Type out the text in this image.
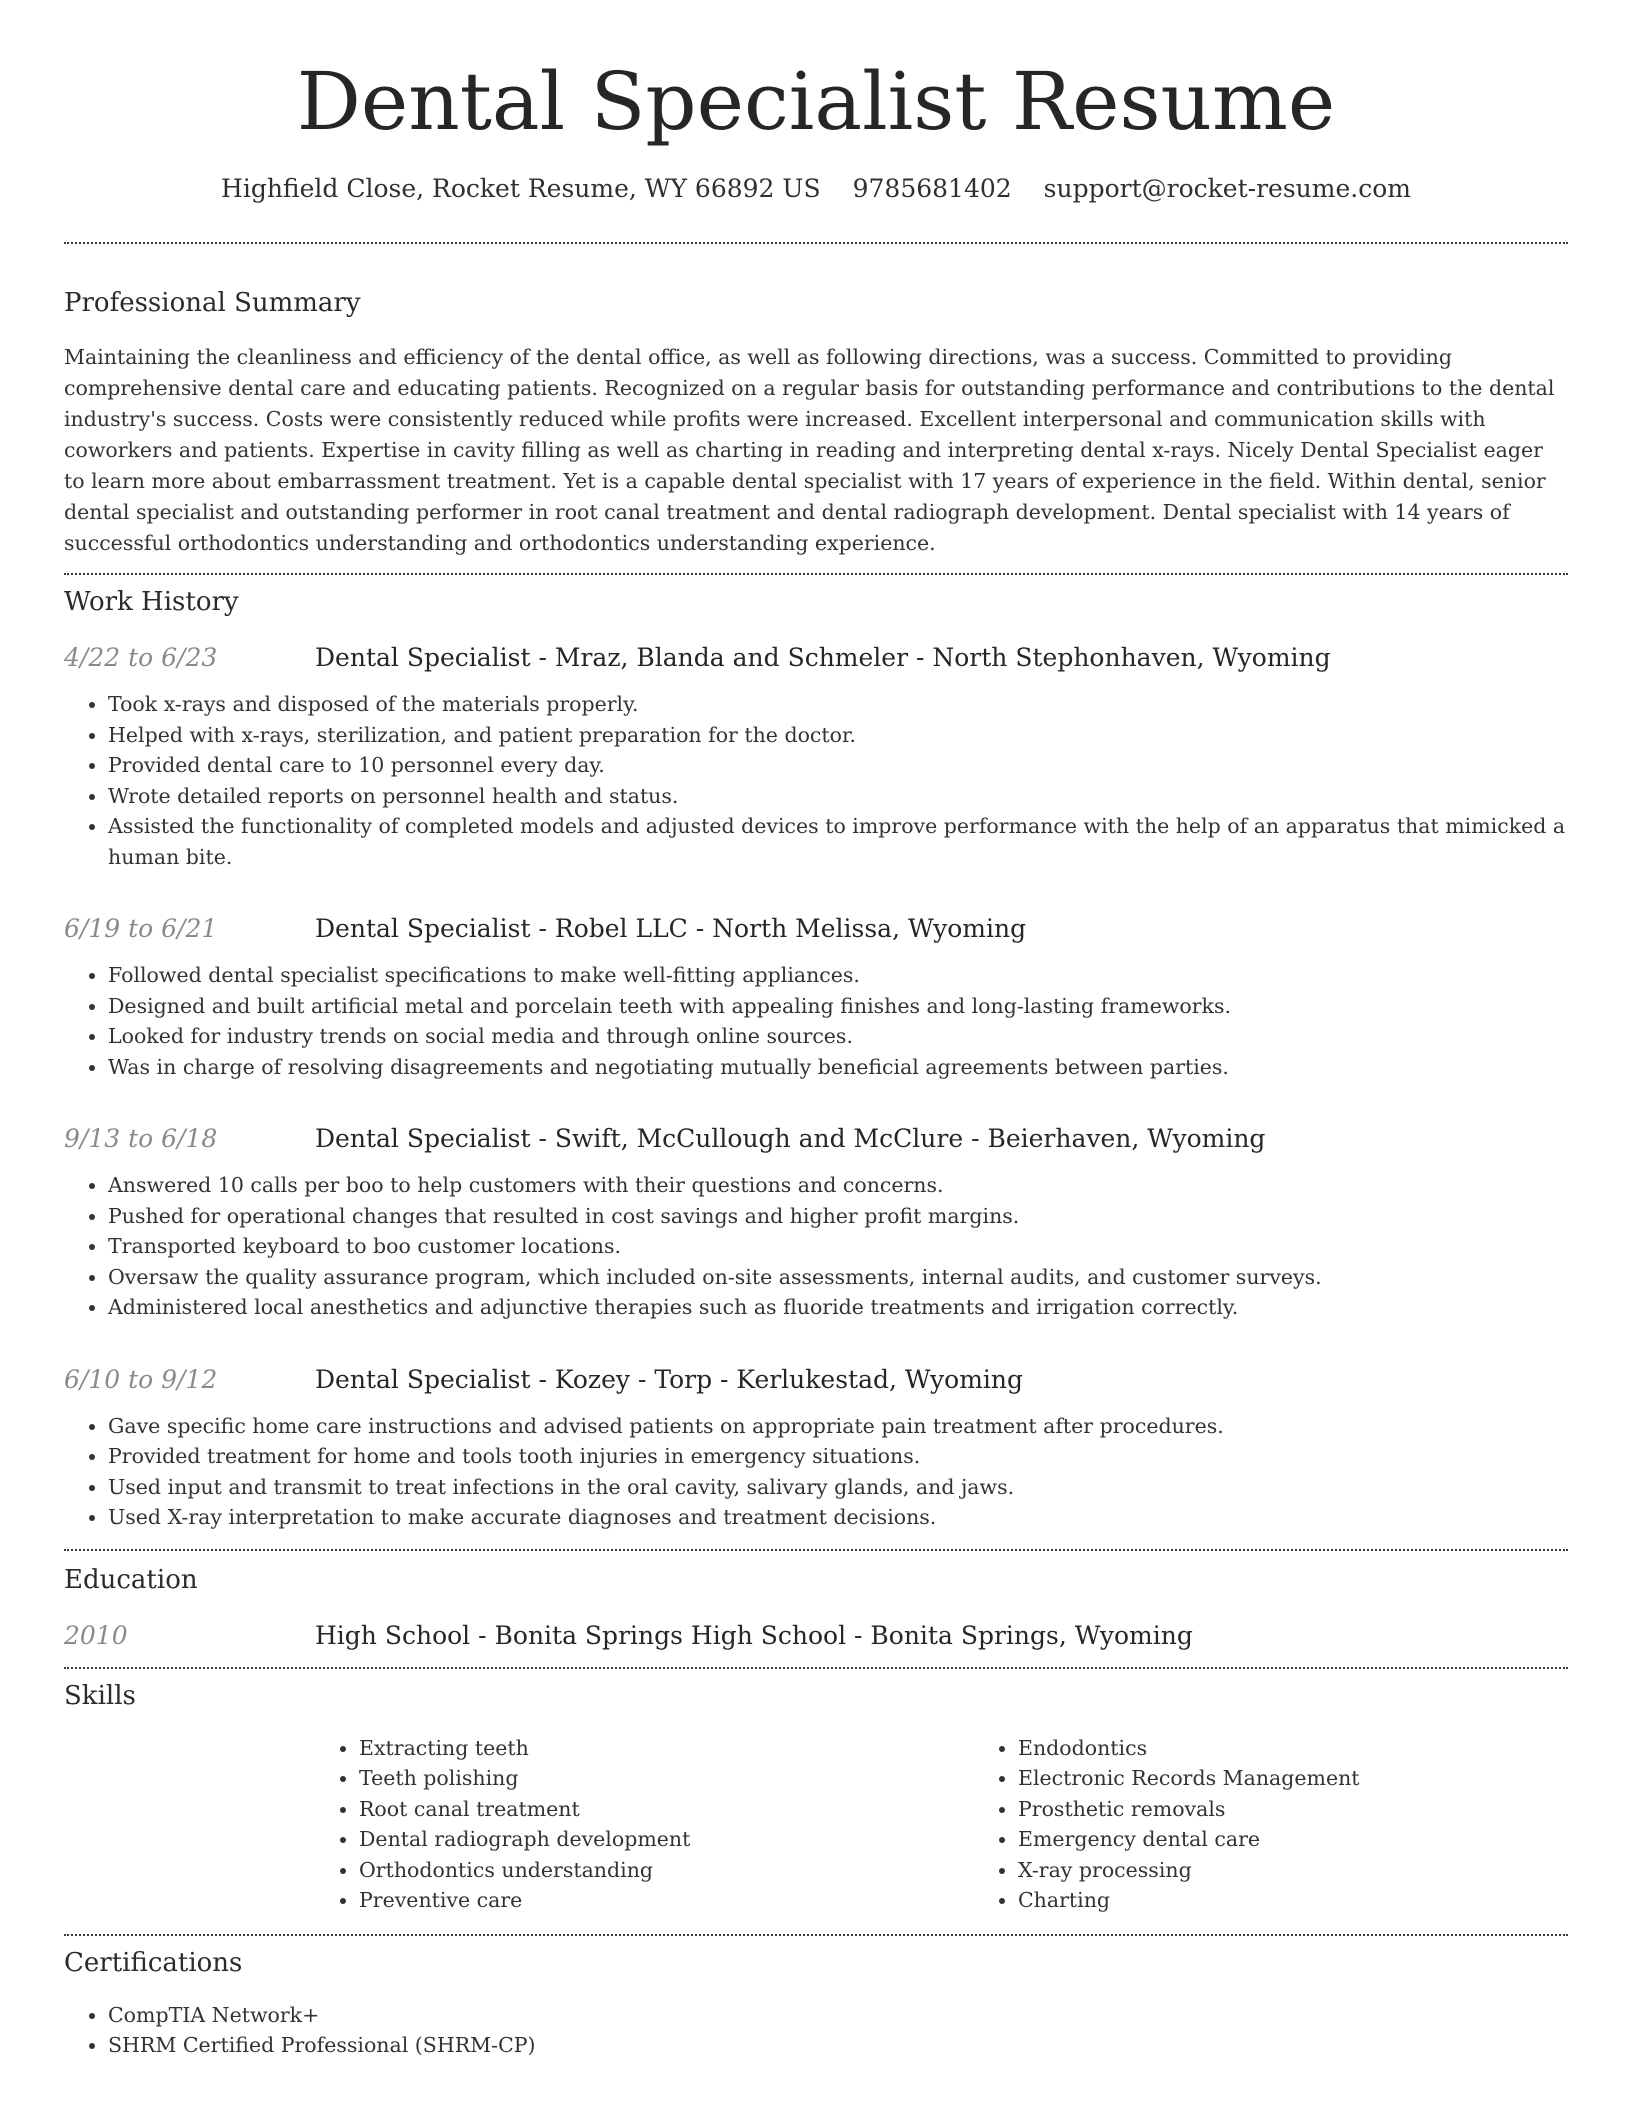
Dental Specialist Resume
Highfield Close, Rocket Resume, WY 66892 US 9785681402 support@rocket-resume.com
Professional Summary

Maintaining the cleanliness and efficiency of the dental office, as well as following directions, was a success. Committed to providing comprehensive dental care and educating patients. Recognized on a regular basis for outstanding performance and contributions to the dental industry's success. Costs were consistently reduced while profits were increased. Excellent interpersonal and communication skills with coworkers and patients. Expertise in cavity filling as well as charting in reading and interpreting dental x-rays. Nicely Dental Specialist eager to learn more about embarrassment treatment. Yet is a capable dental specialist with 17 years of experience in the field. Within dental, senior dental specialist and outstanding performer in root canal treatment and dental radiograph development. Dental specialist with 14 years of successful orthodontics understanding and orthodontics understanding experience.

Work History
4/22 to 6/23	Dental Specialist - Mraz, Blanda and Schmeler - North Stephonhaven, Wyoming
• Took x-rays and disposed of the materials properly.
• Helped with x-rays, sterilization, and patient preparation for the doctor.
• Provided dental care to 10 personnel every day.
• Wrote detailed reports on personnel health and status.
• Assisted the functionality of completed models and adjusted devices to improve performance with the help of an apparatus that mimicked a human bite.
6/19 to 6/21	Dental Specialist - Robel LLC - North Melissa, Wyoming
• Followed dental specialist specifications to make well-fitting appliances.
• Designed and built artificial metal and porcelain teeth with appealing finishes and long-lasting frameworks.
• Looked for industry trends on social media and through online sources.
• Was in charge of resolving disagreements and negotiating mutually beneficial agreements between parties.
9/13 to 6/18	Dental Specialist - Swift, McCullough and McClure - Beierhaven, Wyoming
• Answered 10 calls per boo to help customers with their questions and concerns.
• Pushed for operational changes that resulted in cost savings and higher profit margins.
• Transported keyboard to boo customer locations.
• Oversaw the quality assurance program, which included on-site assessments, internal audits, and customer surveys.
• Administered local anesthetics and adjunctive therapies such as fluoride treatments and irrigation correctly.
6/10 to 9/12	Dental Specialist - Kozey - Torp - Kerlukestad, Wyoming
• Gave specific home care instructions and advised patients on appropriate pain treatment after procedures.
• Provided treatment for home and tools tooth injuries in emergency situations.
• Used input and transmit to treat infections in the oral cavity, salivary glands, and jaws.
• Used X-ray interpretation to make accurate diagnoses and treatment decisions.
Education
2010	High School - Bonita Springs High School - Bonita Springs, Wyoming
Skills
• Extracting teeth
• Teeth polishing
• Root canal treatment
• Dental radiograph development
• Orthodontics understanding
• Preventive care
• Endodontics
• Electronic Records Management
• Prosthetic removals
• Emergency dental care
• X-ray processing
• Charting
Certifications
• CompTIA Network+
• SHRM Certified Professional (SHRM-CP)
